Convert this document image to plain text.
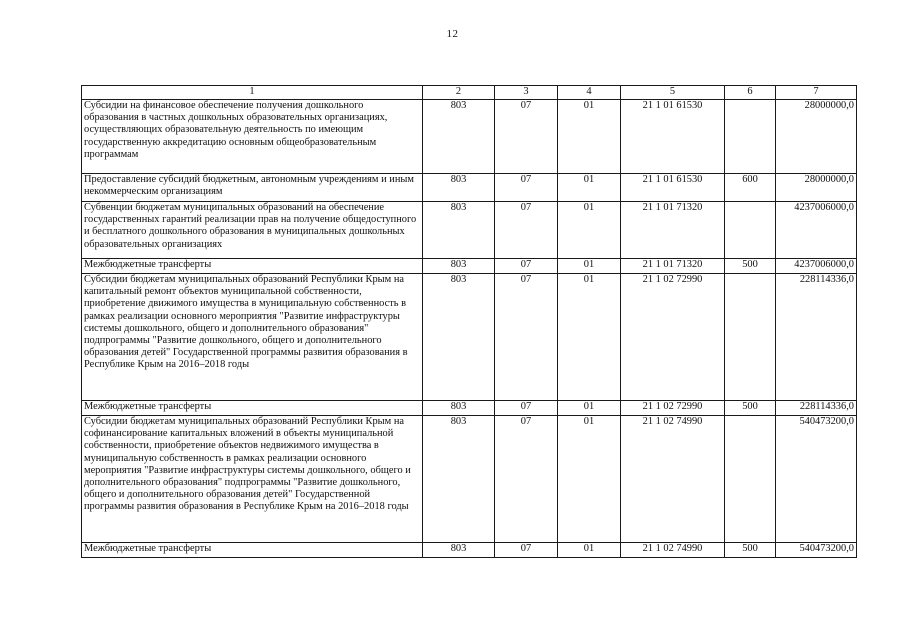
12
1	2	3	4	5	6	7
Субсидии на финансовое обеспечение получения дошкольного образования в частных дошкольных образовательных организациях, осуществляющих образовательную деятельность по имеющим государственную аккредитацию основным общеобразовательным программам	803	07	01	21 1 01 61530		28000000,0
Предоставление субсидий бюджетным, автономным учреждениям и иным некоммерческим организациям	803	07	01	21 1 01 61530	600	28000000,0
Субвенции бюджетам муниципальных образований на обеспечение государственных гарантий реализации прав на получение общедоступного и бесплатного дошкольного образования в муниципальных дошкольных образовательных организациях	803	07	01	21 1 01 71320		4237006000,0
Межбюджетные трансферты	803	07	01	21 1 01 71320	500	4237006000,0
Субсидии бюджетам муниципальных образований Республики Крым на капитальный ремонт объектов муниципальной собственности, приобретение движимого имущества в муниципальную собственность в рамках реализации основного мероприятия "Развитие инфраструктуры системы дошкольного, общего и дополнительного образования" подпрограммы "Развитие дошкольного, общего и дополнительного образования детей" Государственной программы развития образования в Республике Крым на 2016–2018 годы	803	07	01	21 1 02 72990		228114336,0
Межбюджетные трансферты	803	07	01	21 1 02 72990	500	228114336,0
Субсидии бюджетам муниципальных образований Республики Крым на софинансирование капитальных вложений в объекты муниципальной собственности, приобретение объектов недвижимого имущества в муниципальную собственность в рамках реализации основного мероприятия "Развитие инфраструктуры системы дошкольного, общего и дополнительного образования" подпрограммы "Развитие дошкольного, общего и дополнительного образования детей" Государственной программы развития образования в Республике Крым на 2016–2018 годы	803	07	01	21 1 02 74990		540473200,0
Межбюджетные трансферты	803	07	01	21 1 02 74990	500	540473200,0
